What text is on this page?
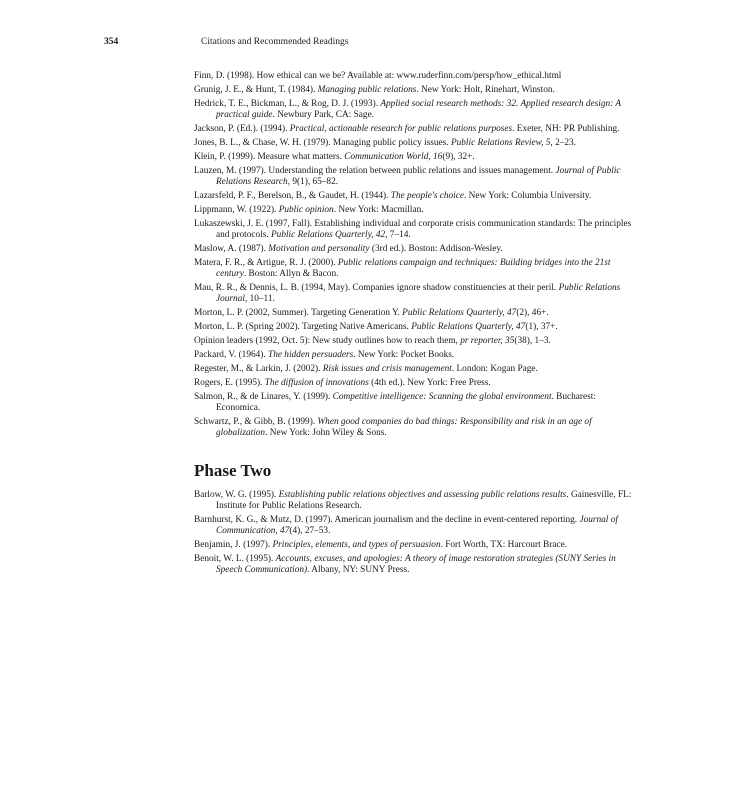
354	Citations and Recommended Readings

Finn, D. (1998). How ethical can we be? Available at: www.ruderfinn.com/persp/how_ethical.html

Grunig, J. E., & Hunt, T. (1984). Managing public relations. New York: Holt, Rinehart, Winston.

Hedrick, T. E., Bickman, L., & Rog, D. J. (1993). Applied social research methods: 32. Applied research design: A practical guide. Newbury Park, CA: Sage.

Jackson, P. (Ed.). (1994). Practical, actionable research for public relations purposes. Exeter, NH: PR Publishing.

Jones, B. L., & Chase, W. H. (1979). Managing public policy issues. Public Relations Review, 5, 2–23.

Klein, P. (1999). Measure what matters. Communication World, 16(9), 32+.

Lauzen, M. (1997). Understanding the relation between public relations and issues management. Journal of Public Relations Research, 9(1), 65–82.

Lazarsfeld, P. F., Berelson, B., & Gaudet, H. (1944). The people's choice. New York: Columbia University.

Lippmann, W. (1922). Public opinion. New York: Macmillan.

Lukaszewski, J. E. (1997, Fall). Establishing individual and corporate crisis communication standards: The principles and protocols. Public Relations Quarterly, 42, 7–14.

Maslow, A. (1987). Motivation and personality (3rd ed.). Boston: Addison-Wesley.

Matera, F. R., & Artigue, R. J. (2000). Public relations campaign and techniques: Building bridges into the 21st century. Boston: Allyn & Bacon.

Mau, R. R., & Dennis, L. B. (1994, May). Companies ignore shadow constituencies at their peril. Public Relations Journal, 10–11.

Morton, L. P. (2002, Summer). Targeting Generation Y. Public Relations Quarterly, 47(2), 46+.

Morton, L. P. (Spring 2002). Targeting Native Americans. Public Relations Quarterly, 47(1), 37+.

Opinion leaders (1992, Oct. 5): New study outlines how to reach them, pr reporter, 35(38), 1–3.

Packard, V. (1964). The hidden persuaders. New York: Pocket Books.

Regester, M., & Larkin, J. (2002). Risk issues and crisis management. London: Kogan Page.

Rogers, E. (1995). The diffusion of innovations (4th ed.). New York: Free Press.

Salmon, R., & de Linares, Y. (1999). Competitive intelligence: Scanning the global environment. Bucharest: Economica.

Schwartz, P., & Gibb, B. (1999). When good companies do bad things: Responsibility and risk in an age of globalization. New York: John Wiley & Sons.

Phase Two

Barlow, W. G. (1995). Establishing public relations objectives and assessing public relations results. Gainesville, FL: Institute for Public Relations Research.

Barnhurst, K. G., & Mutz, D. (1997). American journalism and the decline in event-centered reporting. Journal of Communication, 47(4), 27–53.

Benjamin, J. (1997). Principles, elements, and types of persuasion. Fort Worth, TX: Harcourt Brace.

Benoit, W. L. (1995). Accounts, excuses, and apologies: A theory of image restoration strategies (SUNY Series in Speech Communication). Albany, NY: SUNY Press.
